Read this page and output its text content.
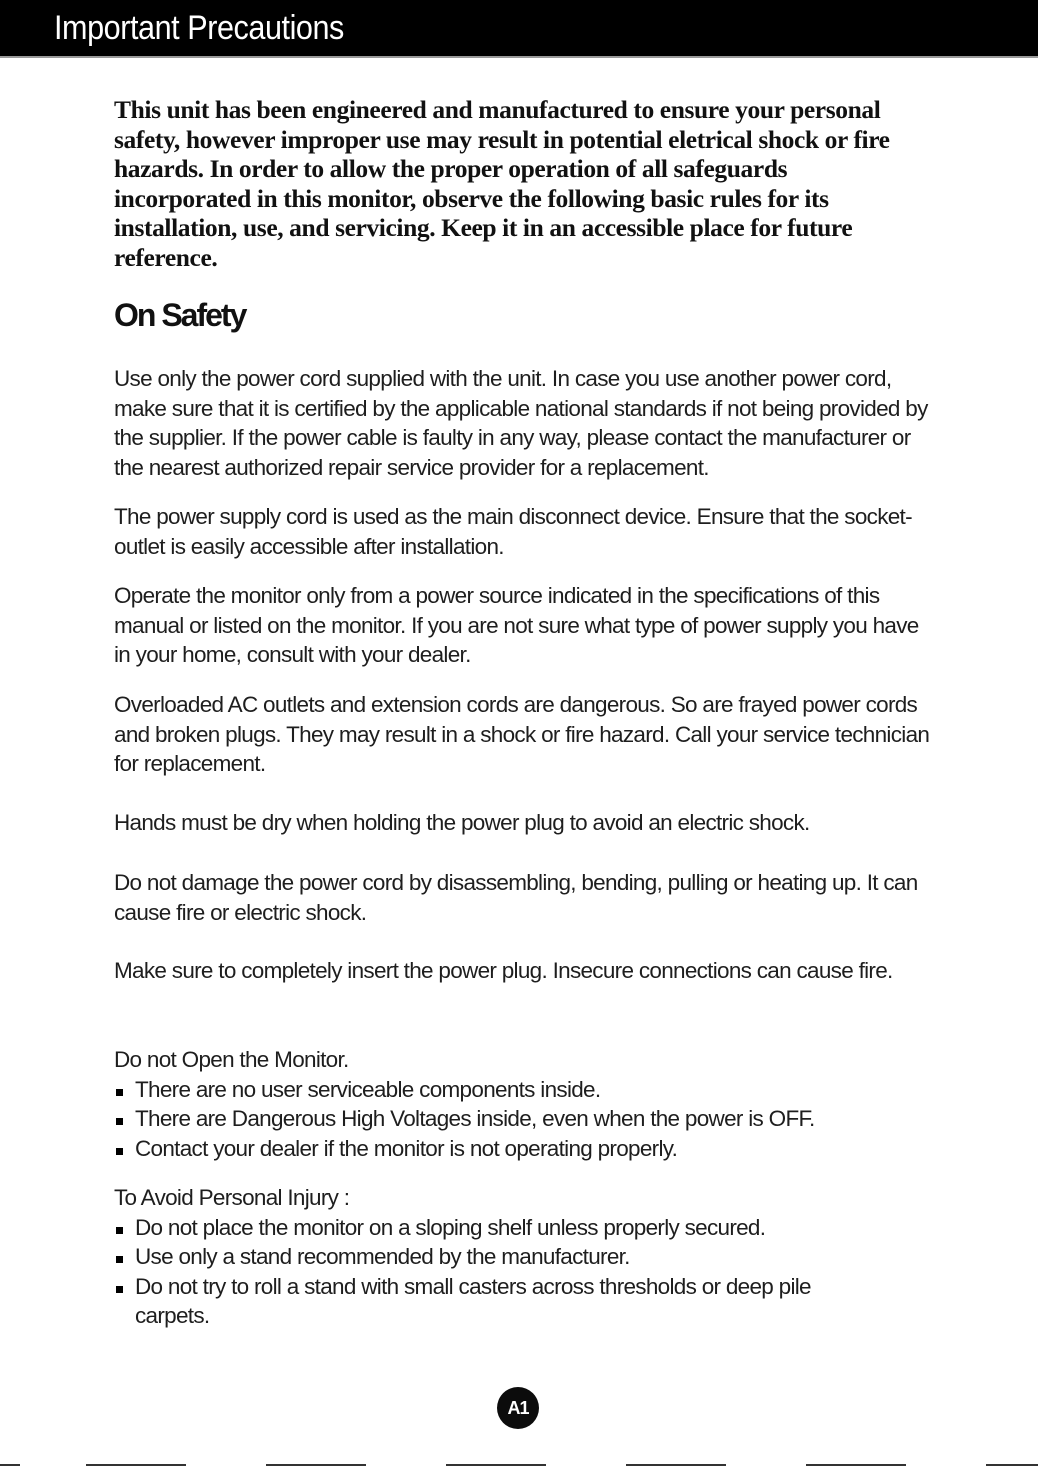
Important Precautions

This unit has been engineered and manufactured to ensure your personal safety, however improper use may result in potential eletrical shock or fire hazards. In order to allow the proper operation of all safeguards incorporated in this monitor, observe the following basic rules for its installation, use, and servicing. Keep it in an accessible place for future reference.

On Safety

Use only the power cord supplied with the unit. In case you use another power cord, make sure that it is certified by the applicable national standards if not being provided by the supplier. If the power cable is faulty in any way, please contact the manufacturer or the nearest authorized repair service provider for a replacement.

The power supply cord is used as the main disconnect device. Ensure that the socket-outlet is easily accessible after installation.

Operate the monitor only from a power source indicated in the specifications of this manual or listed on the monitor. If you are not sure what type of power supply you have in your home, consult with your dealer.

Overloaded AC outlets and extension cords are dangerous. So are frayed power cords and broken plugs. They may result in a shock or fire hazard. Call your service technician for replacement.

Hands must be dry when holding the power plug to avoid an electric shock.

Do not damage the power cord by disassembling, bending, pulling or heating up. It can cause fire or electric shock.

Make sure to completely insert the power plug. Insecure connections can cause fire.

Do not Open the Monitor.
There are no user serviceable components inside.
There are Dangerous High Voltages inside, even when the power is OFF.
Contact your dealer if the monitor is not operating properly.
To Avoid Personal Injury :
Do not place the monitor on a sloping shelf unless properly secured.
Use only a stand recommended by the manufacturer.
Do not try to roll a stand with small casters across thresholds or deep pile carpets.
A1
